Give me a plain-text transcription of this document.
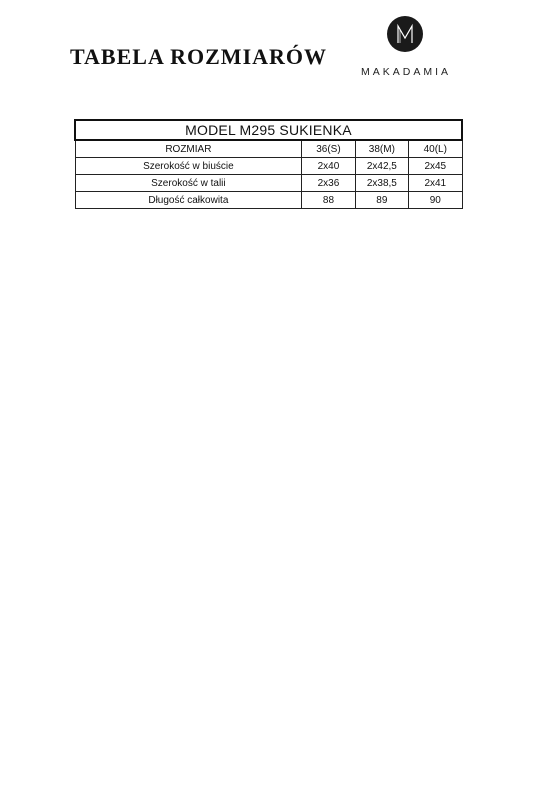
TABELA ROZMIARÓW
MAKADAMIA
MODEL M295 SUKIENKA			
ROZMIAR	36(S)	38(M)	40(L)
Szerokość w biuście	2x40	2x42,5	2x45
Szerokość w talii	2x36	2x38,5	2x41
Długość całkowita	88	89	90
